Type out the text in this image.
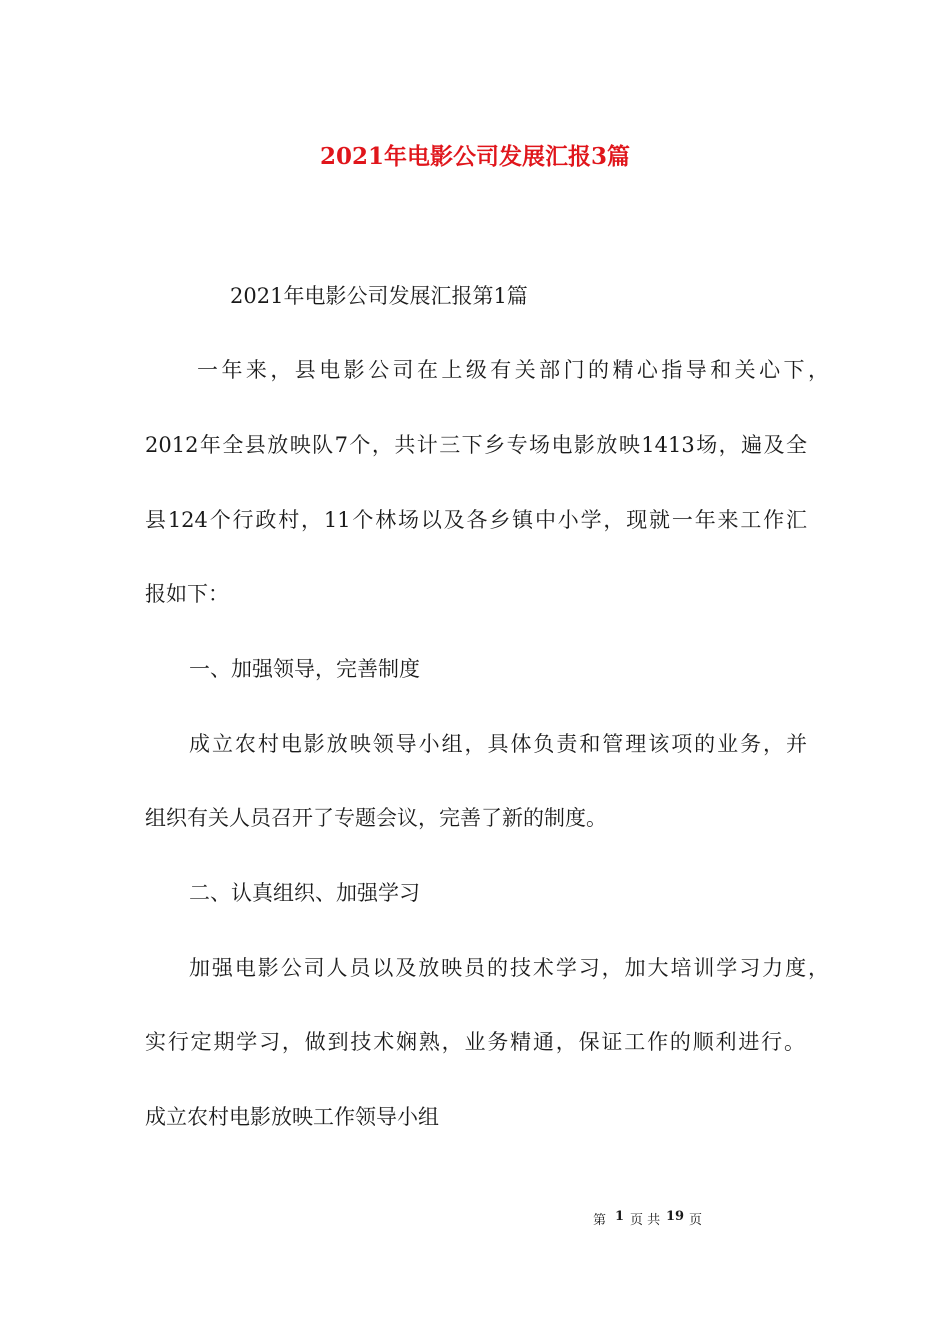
2021年电影公司发展汇报3篇
2021年电影公司发展汇报第1篇
一年来，县电影公司在上级有关部门的精心指导和关心下，
2012年全县放映队7个，共计三下乡专场电影放映1413场，遍及全
县124个行政村，11个林场以及各乡镇中小学，现就一年来工作汇
报如下：
一、加强领导，完善制度
成立农村电影放映领导小组，具体负责和管理该项的业务，并
组织有关人员召开了专题会议，完善了新的制度。
二、认真组织、加强学习
加强电影公司人员以及放映员的技术学习，加大培训学习力度，
实行定期学习，做到技术娴熟，业务精通，保证工作的顺利进行。
成立农村电影放映工作领导小组
第 1 页 共 19 页
